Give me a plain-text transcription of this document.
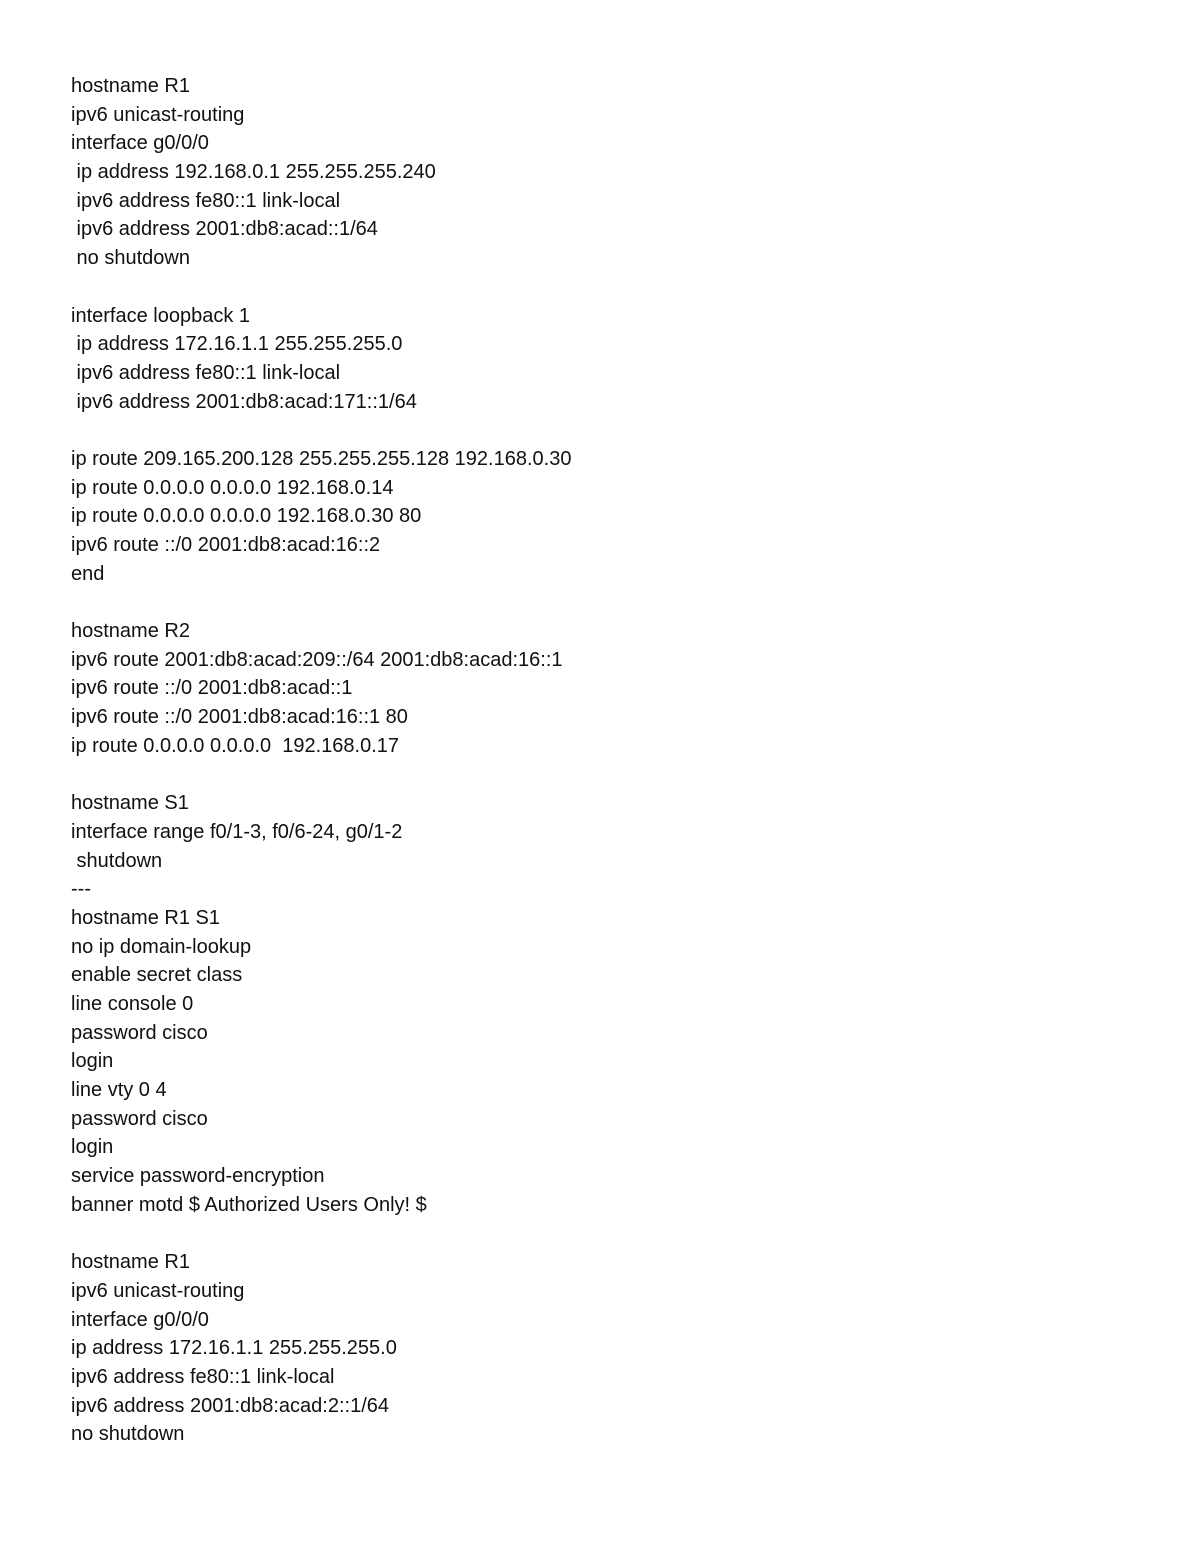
hostname R1
ipv6 unicast-routing
interface g0/0/0
ip address 192.168.0.1 255.255.255.240
ipv6 address fe80::1 link-local
ipv6 address 2001:db8:acad::1/64
no shutdown
interface loopback 1
ip address 172.16.1.1 255.255.255.0
ipv6 address fe80::1 link-local
ipv6 address 2001:db8:acad:171::1/64
ip route 209.165.200.128 255.255.255.128 192.168.0.30
ip route 0.0.0.0 0.0.0.0 192.168.0.14
ip route 0.0.0.0 0.0.0.0 192.168.0.30 80
ipv6 route ::/0 2001:db8:acad:16::2
end
hostname R2
ipv6 route 2001:db8:acad:209::/64 2001:db8:acad:16::1
ipv6 route ::/0 2001:db8:acad::1
ipv6 route ::/0 2001:db8:acad:16::1 80
ip route 0.0.0.0 0.0.0.0  192.168.0.17
hostname S1
interface range f0/1-3, f0/6-24, g0/1-2
shutdown
---
hostname R1 S1
no ip domain-lookup
enable secret class
line console 0
password cisco
login
line vty 0 4
password cisco
login
service password-encryption
banner motd $ Authorized Users Only! $
hostname R1
ipv6 unicast-routing
interface g0/0/0
ip address 172.16.1.1 255.255.255.0
ipv6 address fe80::1 link-local
ipv6 address 2001:db8:acad:2::1/64
no shutdown
